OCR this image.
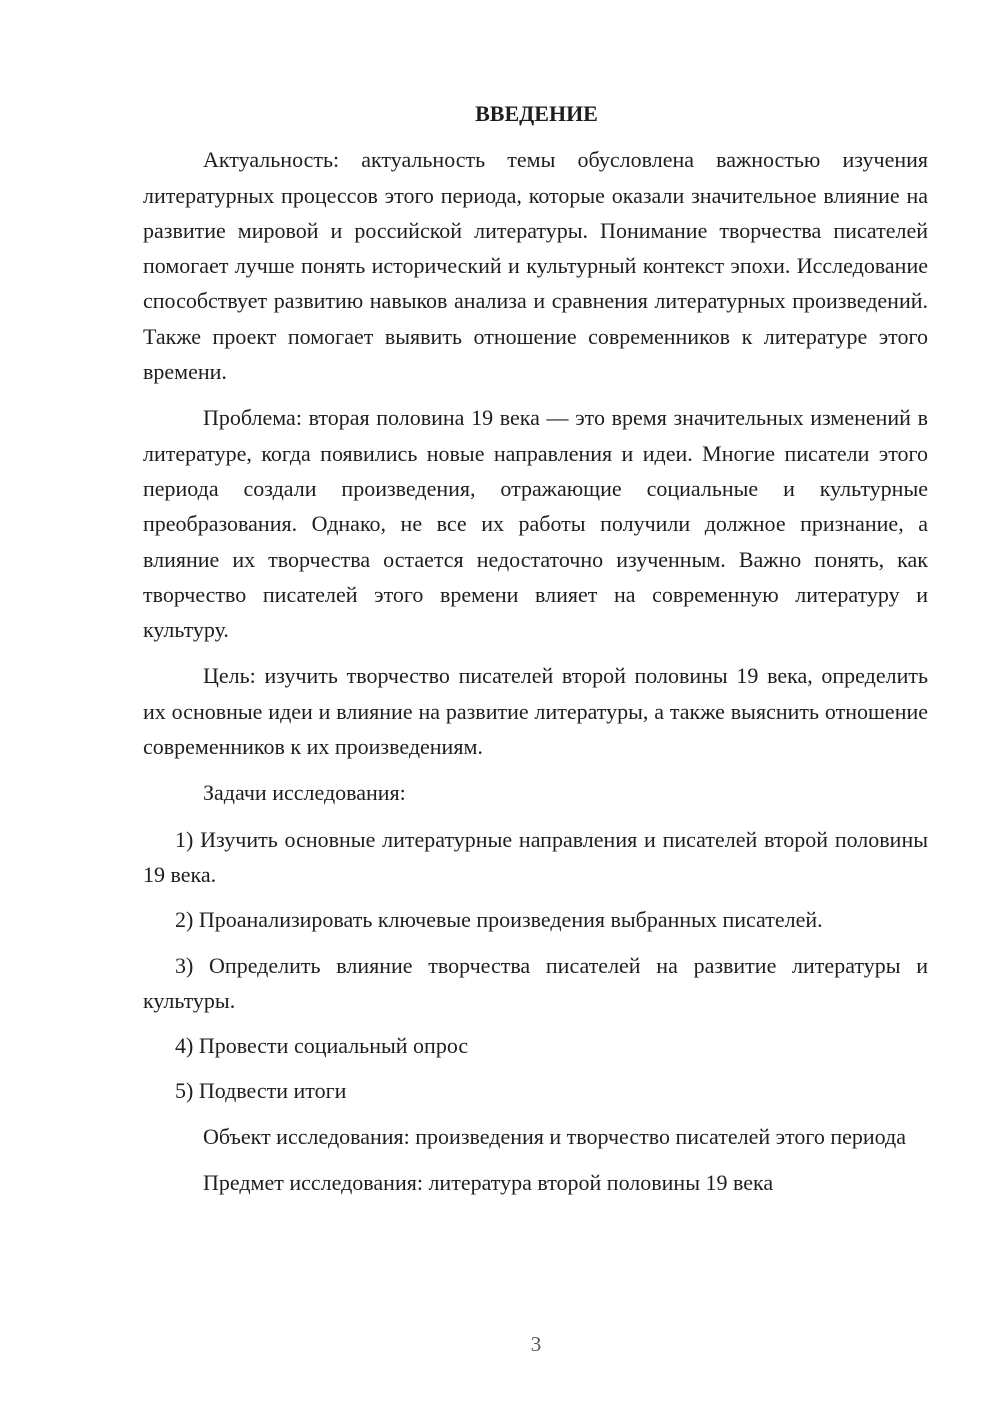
ВВЕДЕНИЕ

Актуальность: актуальность темы обусловлена важностью изучения литературных процессов этого периода, которые оказали значительное влияние на развитие мировой и российской литературы. Понимание творчества писателей помогает лучше понять исторический и культурный контекст эпохи. Исследование способствует развитию навыков анализа и сравнения литературных произведений. Также проект помогает выявить отношение современников к литературе этого времени.

Проблема: вторая половина 19 века — это время значительных изменений в литературе, когда появились новые направления и идеи. Многие писатели этого периода создали произведения, отражающие социальные и культурные преобразования. Однако, не все их работы получили должное признание, а влияние их творчества остается недостаточно изученным. Важно понять, как творчество писателей этого времени влияет на современную литературу и культуру.

Цель: изучить творчество писателей второй половины 19 века, определить их основные идеи и влияние на развитие литературы, а также выяснить отношение современников к их произведениям.

Задачи исследования:

1) Изучить основные литературные направления и писателей второй половины 19 века.

2) Проанализировать ключевые произведения выбранных писателей.

3) Определить влияние творчества писателей на развитие литературы и культуры.

4) Провести социальный опрос

5) Подвести итоги

Объект исследования: произведения и творчество писателей этого периода

Предмет исследования: литература второй половины 19 века

3
